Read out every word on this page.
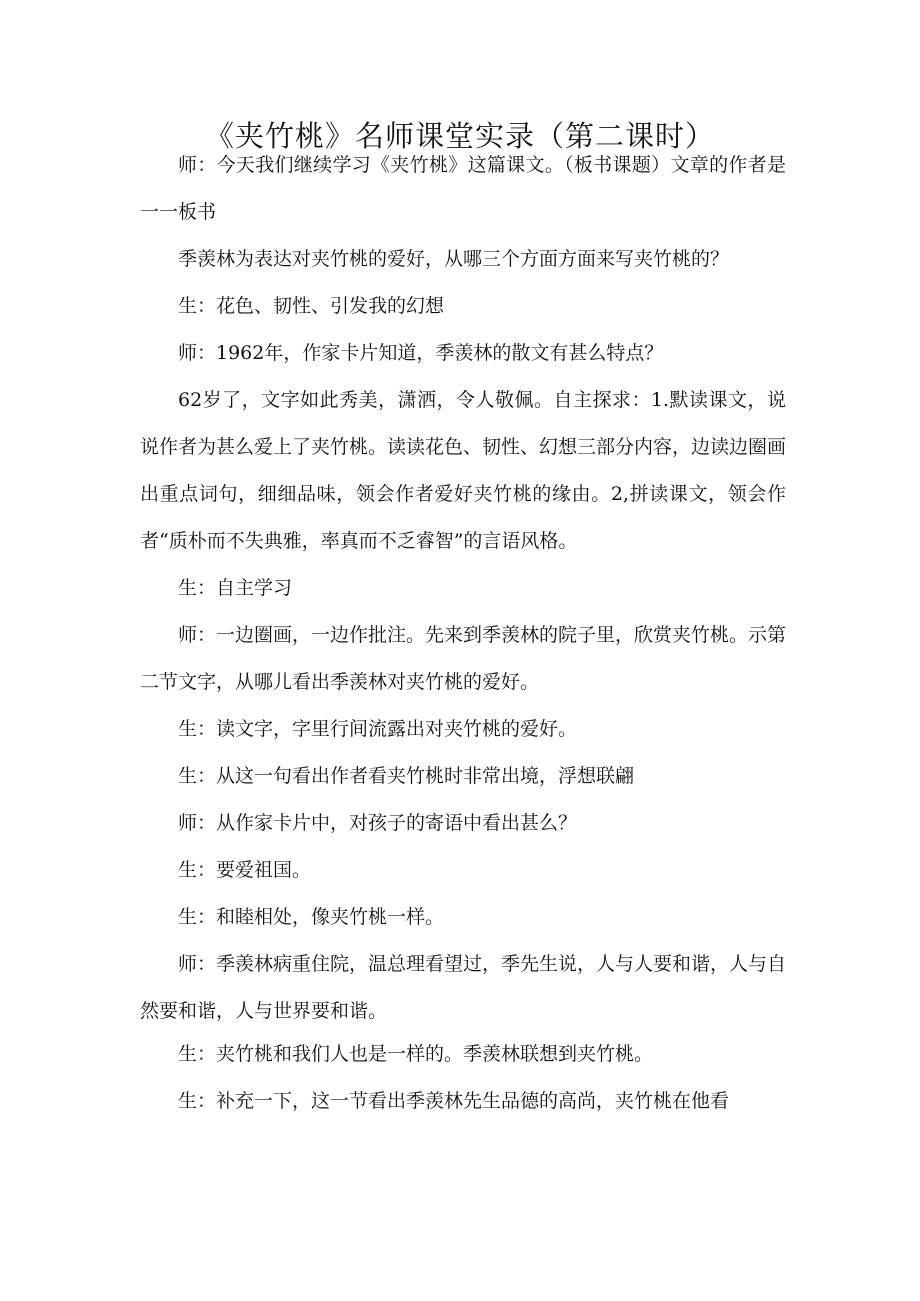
《夹竹桃》名师课堂实录（第二课时）

师：今天我们继续学习《夹竹桃》这篇课文。（板书课题）文章的作者是一一板书

季羡林为表达对夹竹桃的爱好，从哪三个方面方面来写夹竹桃的？

生：花色、韧性、引发我的幻想

师：1962年，作家卡片知道，季羡林的散文有甚么特点？

62岁了，文字如此秀美，潇洒，令人敬佩。自主探求：1.默读课文，说说作者为甚么爱上了夹竹桃。读读花色、韧性、幻想三部分内容，边读边圈画出重点词句，细细品味，领会作者爱好夹竹桃的缘由。2,拼读课文，领会作者“质朴而不失典雅，率真而不乏睿智”的言语风格。

生：自主学习

师：一边圈画，一边作批注。先来到季羡林的院子里，欣赏夹竹桃。示第二节文字，从哪儿看出季羡林对夹竹桃的爱好。

生：读文字，字里行间流露出对夹竹桃的爱好。

生：从这一句看出作者看夹竹桃时非常出境，浮想联翩

师：从作家卡片中，对孩子的寄语中看出甚么？

生：要爱祖国。

生：和睦相处，像夹竹桃一样。

师：季羡林病重住院，温总理看望过，季先生说，人与人要和谐，人与自然要和谐，人与世界要和谐。

生：夹竹桃和我们人也是一样的。季羡林联想到夹竹桃。

生：补充一下，这一节看出季羡林先生品德的高尚，夹竹桃在他看
